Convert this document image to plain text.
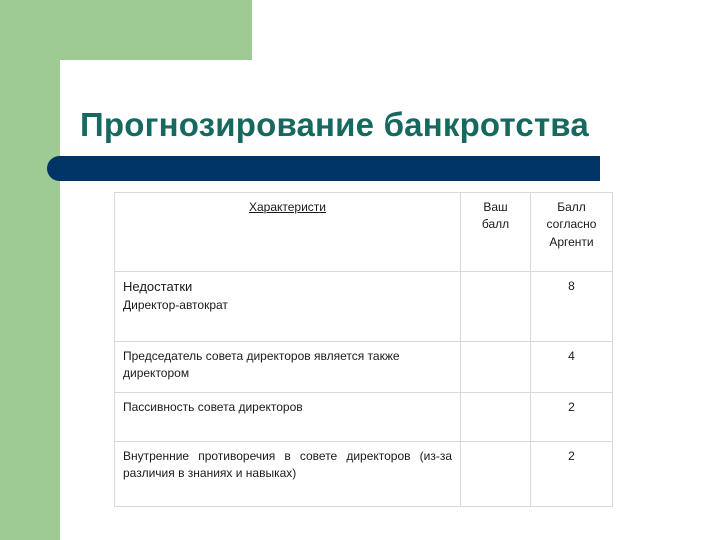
Прогнозирование банкротства
Характеристи	Ваш балл	Балл согласно Аргенти

Недостатки
Директор-автократ		8
Председатель совета директоров является также директором		4
Пассивность совета директоров		2
Внутренние противоречия в совете директоров (из-за различия в знаниях и навыках)		2
